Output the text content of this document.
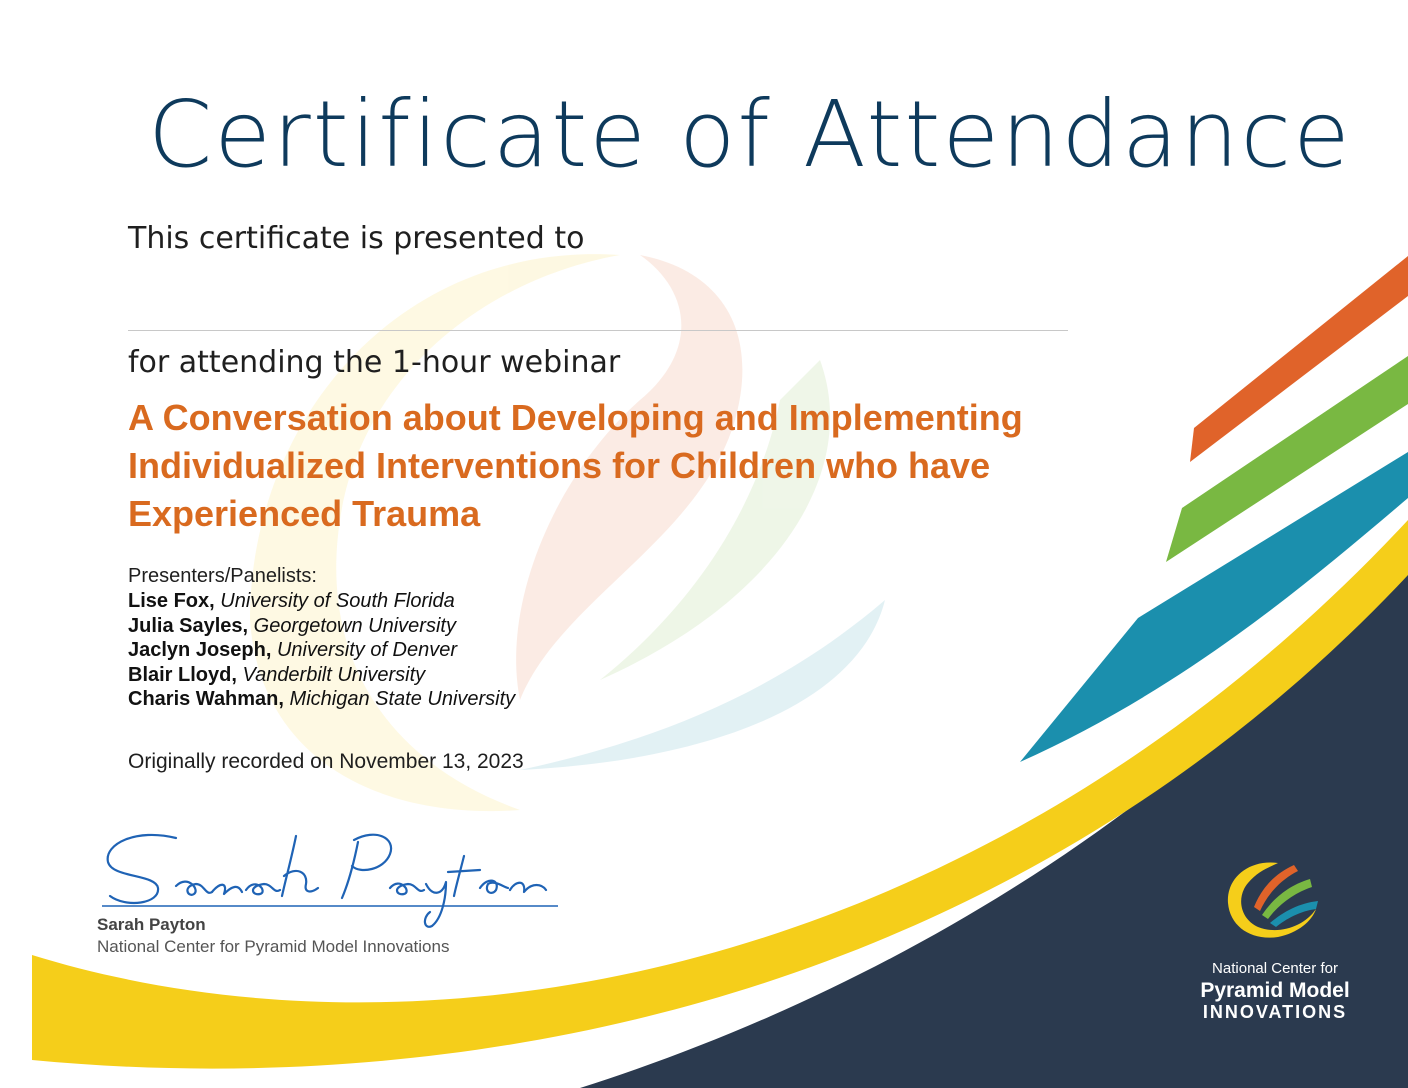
Certificate of Attendance
This certificate is presented to
for attending the 1-hour webinar
A Conversation about Developing and Implementing
Individualized Interventions for Children who have
Experienced Trauma
Presenters/Panelists:
Lise Fox, University of South Florida
Julia Sayles, Georgetown University
Jaclyn Joseph, University of Denver
Blair Lloyd, Vanderbilt University
Charis Wahman, Michigan State University
Originally recorded on November 13, 2023
Sarah Payton
National Center for Pyramid Model Innovations
National Center for
Pyramid Model
INNOVATIONS
